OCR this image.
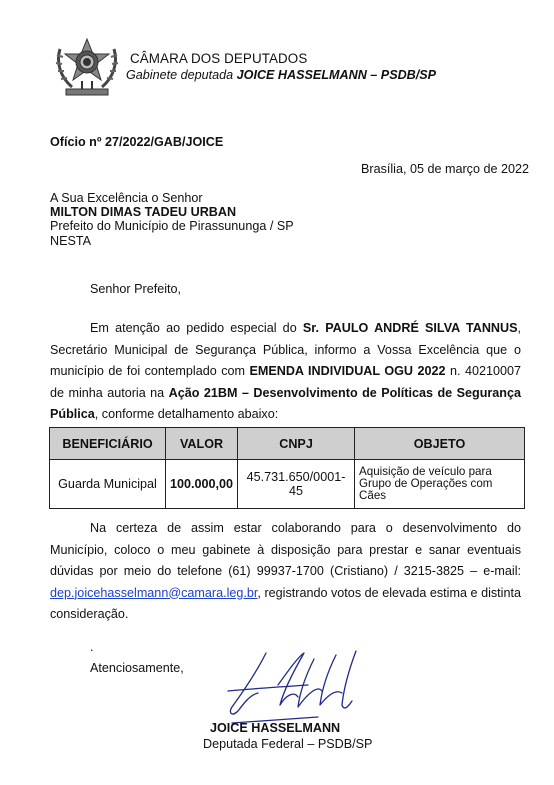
CÂMARA DOS DEPUTADOS
Gabinete deputada JOICE HASSELMANN – PSDB/SP
Ofício nº 27/2022/GAB/JOICE
Brasília, 05 de março de 2022
A Sua Excelência o Senhor
MILTON DIMAS TADEU URBAN
Prefeito do Município de Pirassununga / SP
NESTA
Senhor Prefeito,
Em atenção ao pedido especial do Sr. PAULO ANDRÉ SILVA TANNUS, Secretário Municipal de Segurança Pública, informo a Vossa Excelência que o município de foi contemplado com EMENDA INDIVIDUAL OGU 2022 n. 40210007 de minha autoria na Ação 21BM – Desenvolvimento de Políticas de Segurança Pública, conforme detalhamento abaixo:
BENEFICIÁRIO	VALOR	CNPJ	OBJETO
Guarda Municipal	100.000,00	45.731.650/0001-45	Aquisição de veículo para Grupo de Operações com Cães
Na certeza de assim estar colaborando para o desenvolvimento do Município, coloco o meu gabinete à disposição para prestar e sanar eventuais dúvidas por meio do telefone (61) 99937-1700 (Cristiano) / 3215-3825 – e-mail: dep.joicehasselmann@camara.leg.br, registrando votos de elevada estima e distinta consideração.
.
Atenciosamente,
JOICE HASSELMANN
Deputada Federal – PSDB/SP
